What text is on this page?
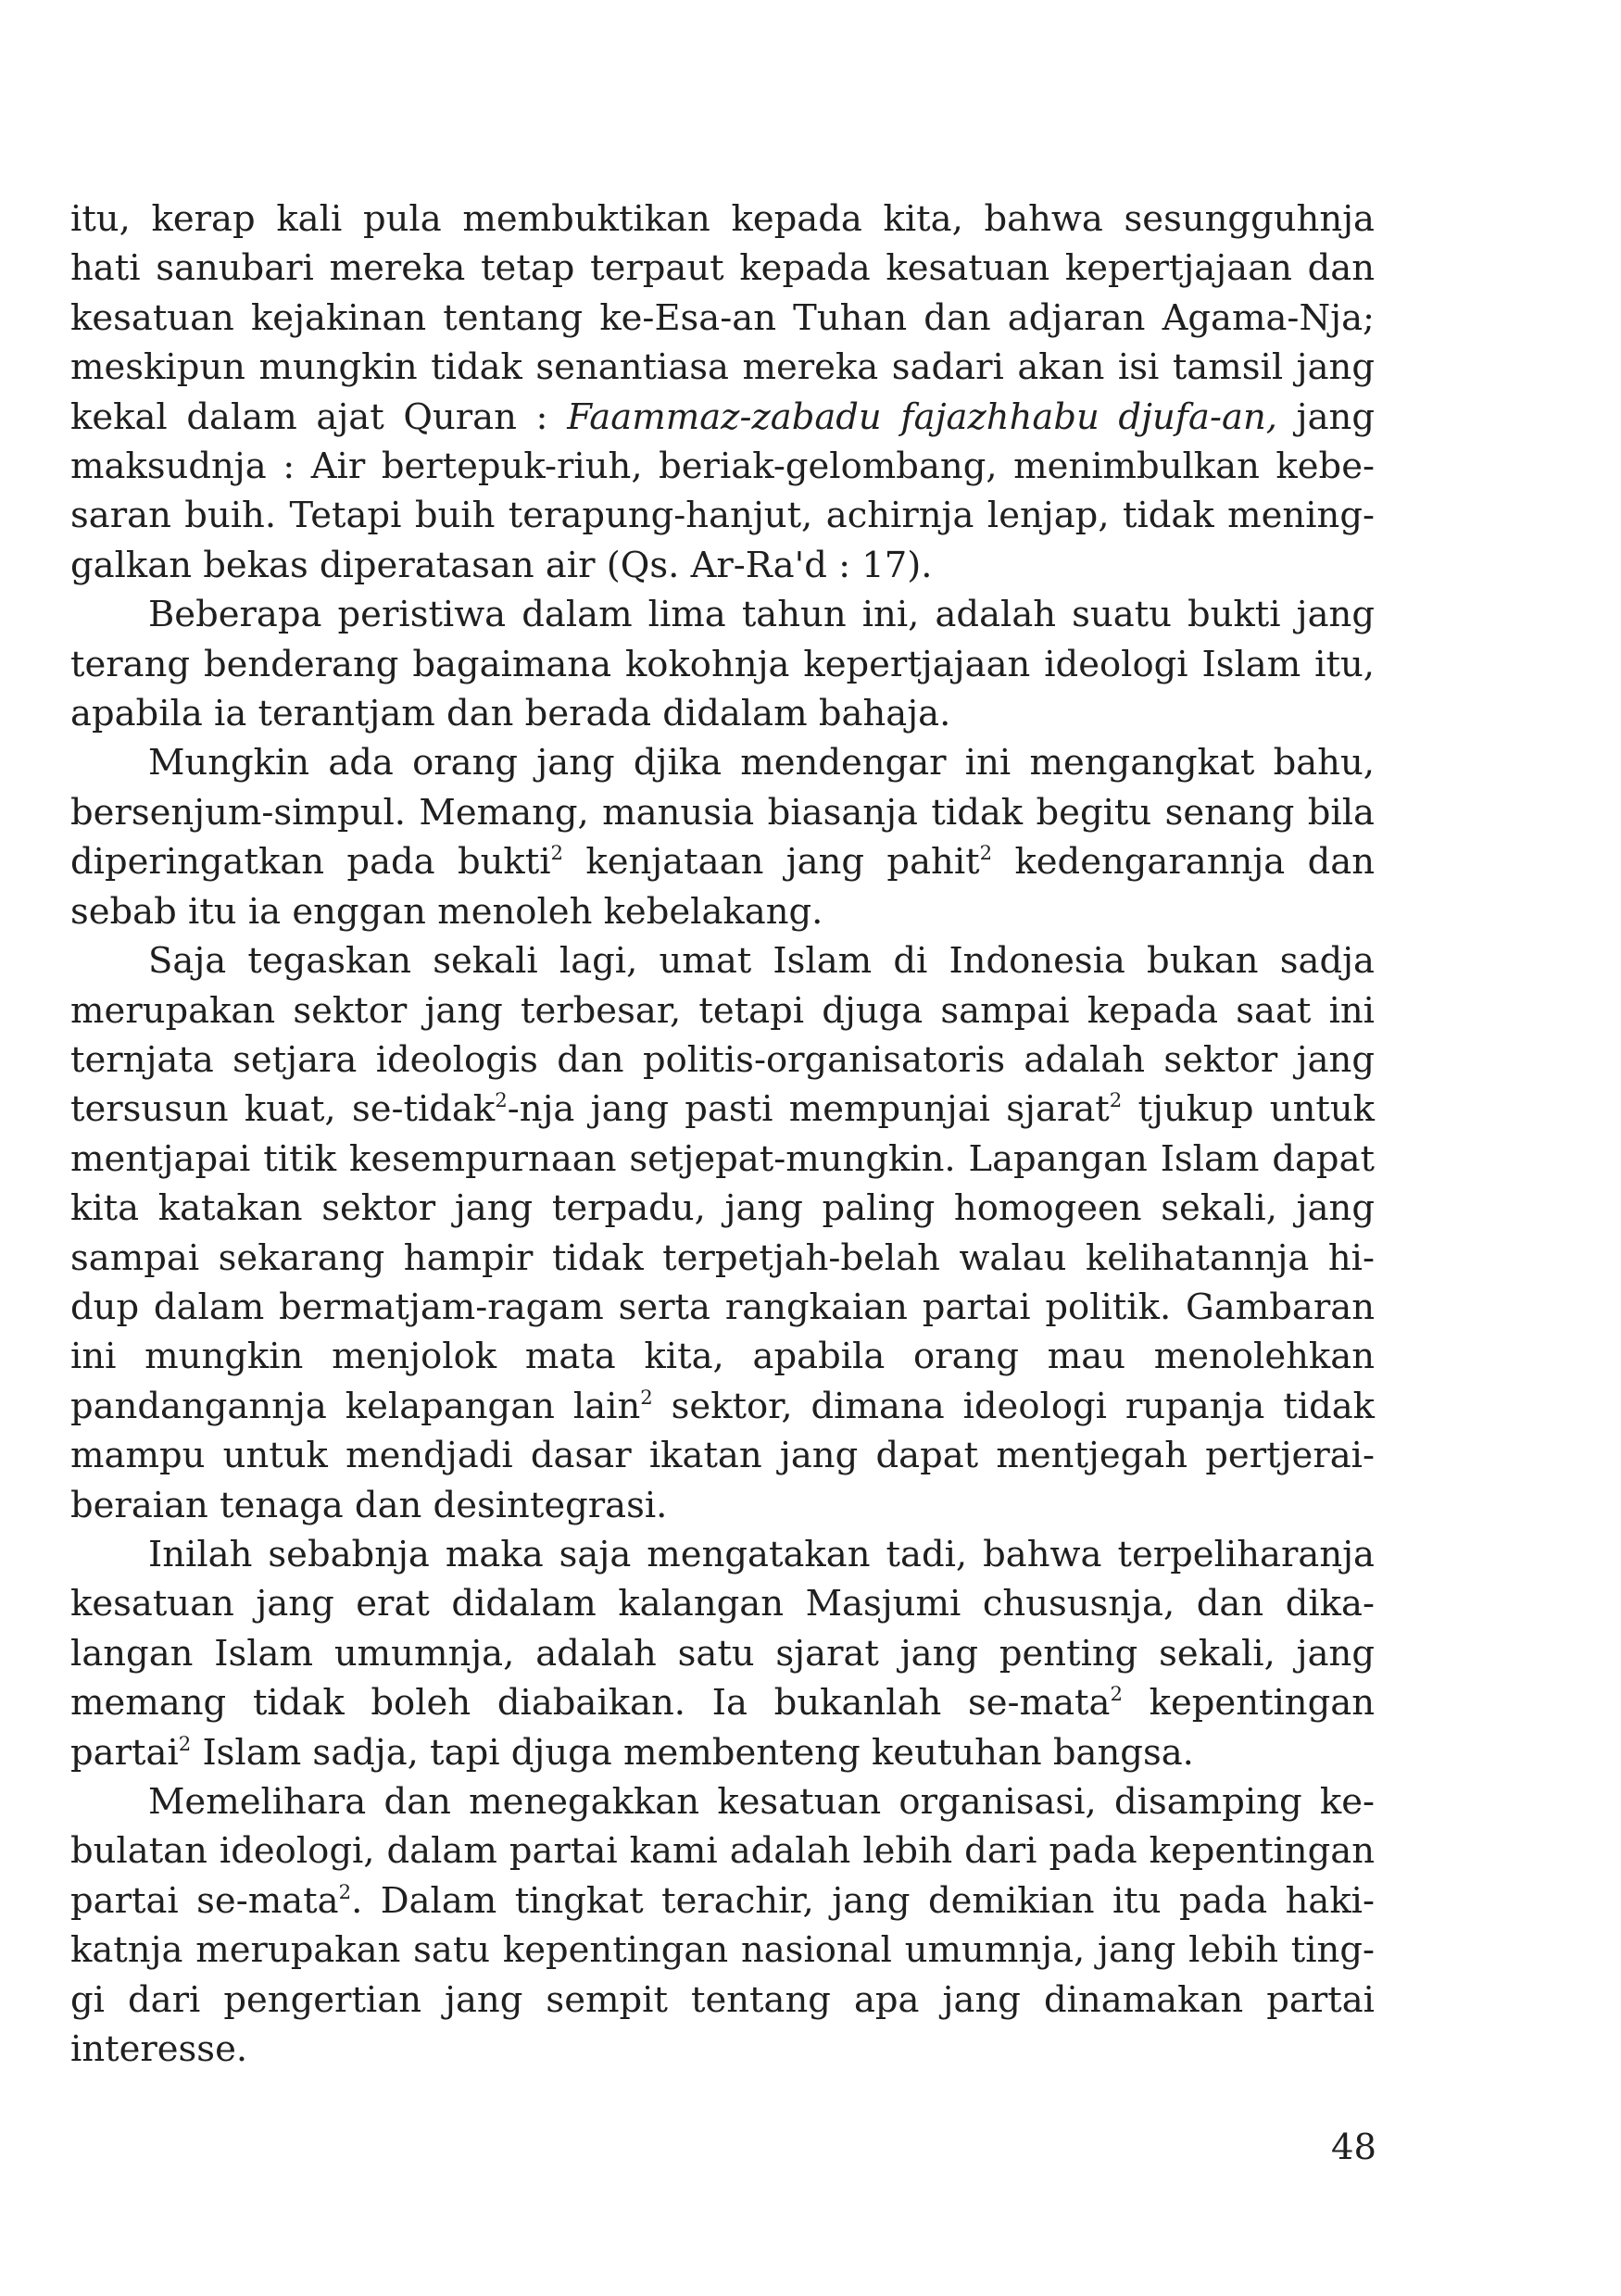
itu, kerap kali pula membuktikan kepada kita, bahwa sesungguhnja hati sanubari mereka tetap terpaut kepada kesatuan kepertjajaan dan kesatuan kejakinan tentang ke-Esa-an Tuhan dan adjaran Agama-Nja; meskipun mungkin tidak senantiasa mereka sadari akan isi tamsil jang kekal dalam ajat Quran : Faammaz-zabadu fajazhhabu djufa-an, jang maksudnja : Air bertepuk-riuh, beriak-gelombang, menimbulkan kebesaran buih. Tetapi buih terapung-hanjut, achirnja lenjap, tidak meninggalkan bekas diperatasan air (Qs. Ar-Ra'd : 17).

Beberapa peristiwa dalam lima tahun ini, adalah suatu bukti jang terang benderang bagaimana kokohnja kepertjajaan ideologi Islam itu, apabila ia terantjam dan berada didalam bahaja.

Mungkin ada orang jang djika mendengar ini mengangkat bahu, bersenjum-simpul. Memang, manusia biasanja tidak begitu senang bila diperingatkan pada bukti$^2$ kenjataan jang pahit$^2$ kedengarannja dan sebab itu ia enggan menoleh kebelakang.

Saja tegaskan sekali lagi, umat Islam di Indonesia bukan sadja merupakan sektor jang terbesar, tetapi djuga sampai kepada saat ini ternjata setjara ideologis dan politis-organisatoris adalah sektor jang tersusun kuat, se-tidak$^2$-nja jang pasti mempunjai sjarat$^2$ tjukup untuk mentjapai titik kesempurnaan setjepat-mungkin. Lapangan Islam dapat kita katakan sektor jang terpadu, jang paling homogeen sekali, jang sampai sekarang hampir tidak terpetjah-belah walau kelihatannja hidup dalam bermatjam-ragam serta rangkaian partai politik. Gambaran ini mungkin menjolok mata kita, apabila orang mau menolehkan pandangannja kelapangan lain$^2$ sektor, dimana ideologi rupanja tidak mampu untuk mendjadi dasar ikatan jang dapat mentjegah pertjeraiberaian tenaga dan desintegrasi.

Inilah sebabnja maka saja mengatakan tadi, bahwa terpeliharanja kesatuan jang erat didalam kalangan Masjumi chususnja, dan dikalangan Islam umumnja, adalah satu sjarat jang penting sekali, jang memang tidak boleh diabaikan. Ia bukanlah se-mata$^2$ kepentingan partai$^2$ Islam sadja, tapi djuga membenteng keutuhan bangsa.

Memelihara dan menegakkan kesatuan organisasi, disamping kebulatan ideologi, dalam partai kami adalah lebih dari pada kepentingan partai se-mata$^2$. Dalam tingkat terachir, jang demikian itu pada hakikatnja merupakan satu kepentingan nasional umumnja, jang lebih tinggi dari pengertian jang sempit tentang apa jang dinamakan partai interesse.

48
